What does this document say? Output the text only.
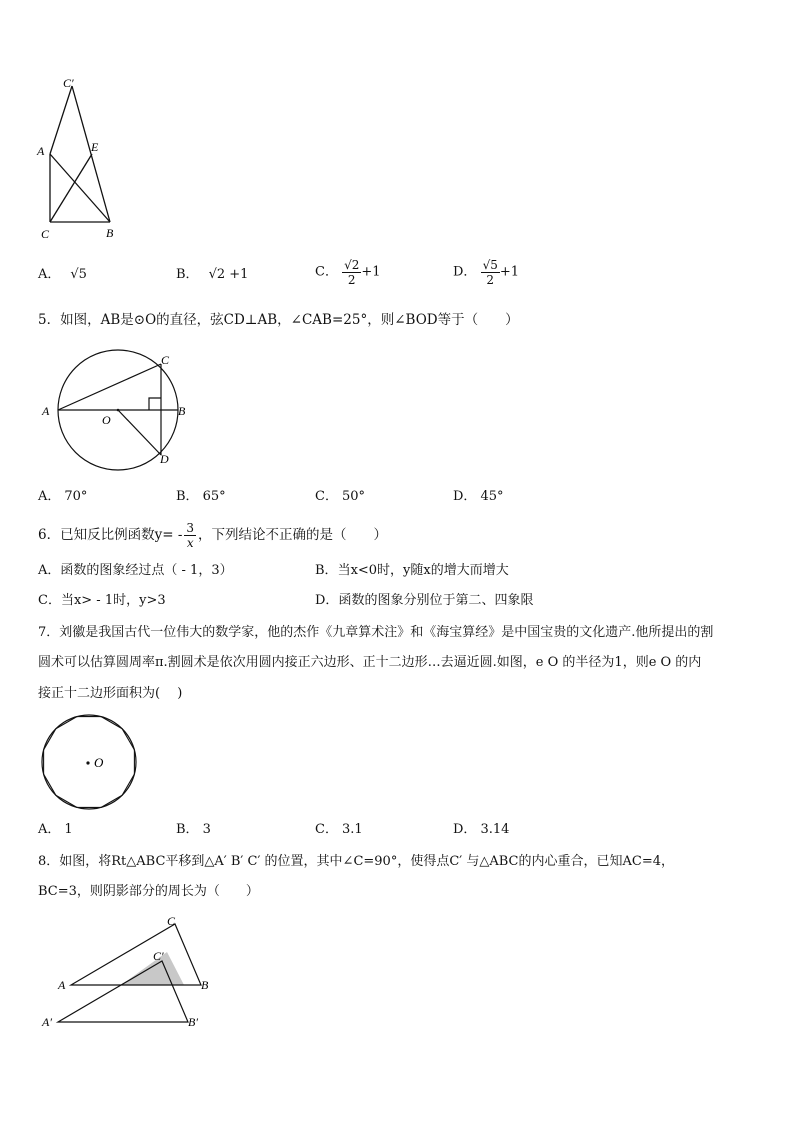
C′
A	E
C	B
A． √5	B． √2 +1	C． $\frac{√2}{2} +1$	D． $\frac{√5}{2} +1$
5．如图，AB是⊙O的直径，弦CD⊥AB，∠CAB=25°，则∠BOD等于（　　）
A	B
C
D
O
A． 70°	B． 65°	C． 50°	D． 45°
6．已知反比例函数$y= - \frac{3}{x}$ ，下列结论不正确的是（　　）
A．函数的图象经过点（ - 1，3）	B．当x<0时，y随x的增大而增大
C．当x> - 1时，y>3	D．函数的图象分别位于第二、四象限
7．刘徽是我国古代一位伟大的数学家，他的杰作《九章算术注》和《海宝算经》是中国宝贵的文化遗产.他所提出的割
圆术可以估算圆周率π.割圆术是依次用圆内接正六边形、正十二边形…去逼近圆.如图，e O 的半径为1，则e O 的内
接正十二边形面积为(　 )
O
A． 1	B． 3	C． 3.1	D． 3.14
8．如图，将Rt△ABC平移到△A′ B′ C′ 的位置，其中∠C=90°，使得点C′ 与△ABC的内心重合，已知AC=4，
BC=3，则阴影部分的周长为（　　）
C
C′
A	B
A′	B′
